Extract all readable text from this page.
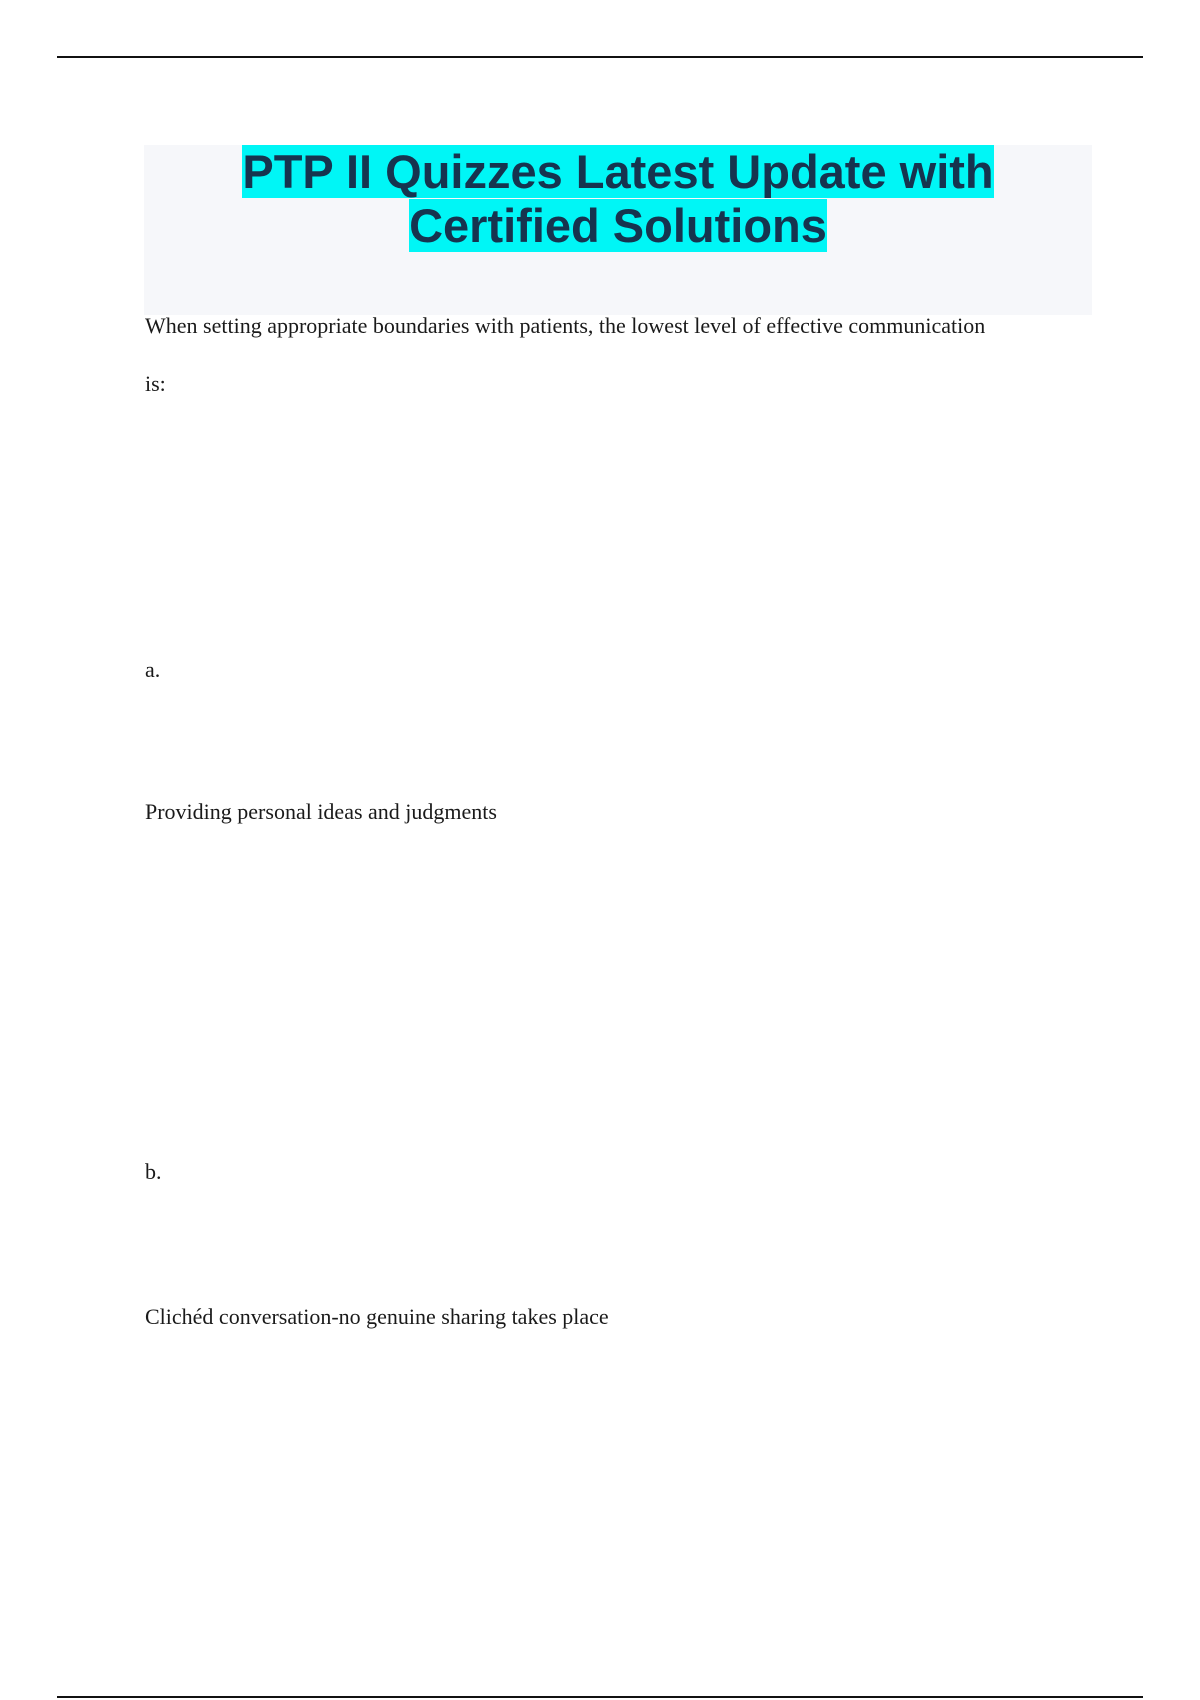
PTP II Quizzes Latest Update with
Certified Solutions

When setting appropriate boundaries with patients, the lowest level of effective communication

is:

a.

Providing personal ideas and judgments

b.

Clichéd conversation-no genuine sharing takes place
